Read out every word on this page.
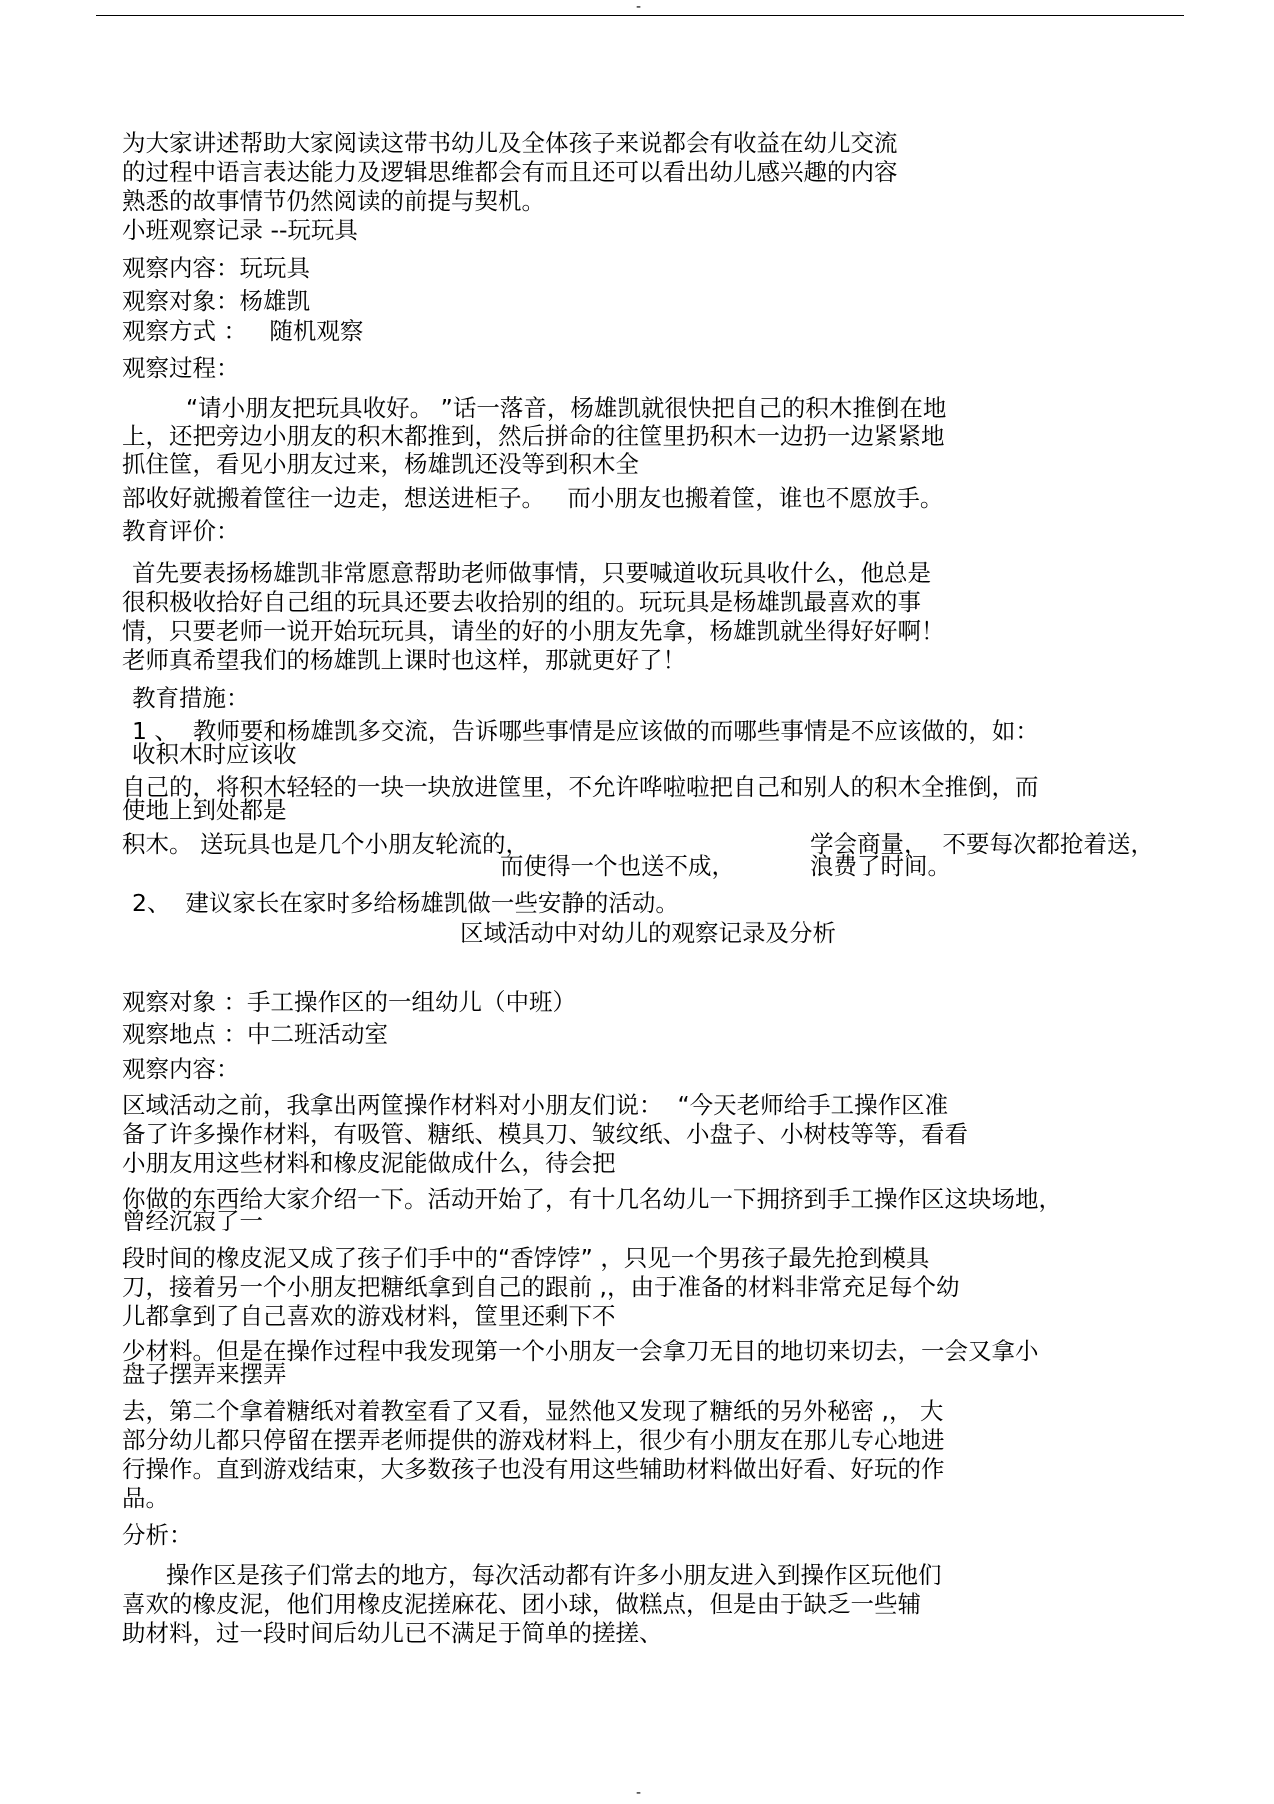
-
为大家讲述帮助大家阅读这带书幼儿及全体孩子来说都会有收益在幼儿交流
的过程中语言表达能力及逻辑思维都会有而且还可以看出幼儿感兴趣的内容
熟悉的故事情节仍然阅读的前提与契机。
小班观察记录 --玩玩具
观察内容：玩玩具
观察对象：杨雄凯
观察方式 ：   随机观察
观察过程：
“请小朋友把玩具收好。 ”话一落音，杨雄凯就很快把自己的积木推倒在地
上，还把旁边小朋友的积木都推到，然后拼命的往筐里扔积木一边扔一边紧紧地
抓住筐，看见小朋友过来，杨雄凯还没等到积木全
部收好就搬着筐往一边走，想送进柜子。   而小朋友也搬着筐，谁也不愿放手。
教育评价：
首先要表扬杨雄凯非常愿意帮助老师做事情，只要喊道收玩具收什么，他总是
很积极收拾好自己组的玩具还要去收拾别的组的。玩玩具是杨雄凯最喜欢的事
情，只要老师一说开始玩玩具，请坐的好的小朋友先拿，杨雄凯就坐得好好啊！
老师真希望我们的杨雄凯上课时也这样，那就更好了！
教育措施：
1 、  教师要和杨雄凯多交流，告诉哪些事情是应该做的而哪些事情是不应该做的，如：
收积木时应该收
自己的，将积木轻轻的一块一块放进筐里，不允许哗啦啦把自己和别人的积木全推倒，而
使地上到处都是
积木。 送玩具也是几个小朋友轮流的，	学会商量，  不要每次都抢着送，
而使得一个也送不成，	浪费了时间。
2、  建议家长在家时多给杨雄凯做一些安静的活动。
区域活动中对幼儿的观察记录及分析
观察对象 ：手工操作区的一组幼儿（中班）
观察地点 ：中二班活动室
观察内容：
区域活动之前，我拿出两筐操作材料对小朋友们说：  “今天老师给手工操作区准
备了许多操作材料，有吸管、糖纸、模具刀、皱纹纸、小盘子、小树枝等等，看看
小朋友用这些材料和橡皮泥能做成什么，待会把
你做的东西给大家介绍一下。活动开始了，有十几名幼儿一下拥挤到手工操作区这块场地，
曾经沉寂了一
段时间的橡皮泥又成了孩子们手中的“香饽饽” ，只见一个男孩子最先抢到模具
刀，接着另一个小朋友把糖纸拿到自己的跟前 ,，由于准备的材料非常充足每个幼
儿都拿到了自己喜欢的游戏材料，筐里还剩下不
少材料。但是在操作过程中我发现第一个小朋友一会拿刀无目的地切来切去，一会又拿小
盘子摆弄来摆弄
去，第二个拿着糖纸对着教室看了又看，显然他又发现了糖纸的另外秘密 ,， 大
部分幼儿都只停留在摆弄老师提供的游戏材料上，很少有小朋友在那儿专心地进
行操作。直到游戏结束，大多数孩子也没有用这些辅助材料做出好看、好玩的作
品。
分析：
操作区是孩子们常去的地方，每次活动都有许多小朋友进入到操作区玩他们
喜欢的橡皮泥，他们用橡皮泥搓麻花、团小球，做糕点，但是由于缺乏一些辅
助材料，过一段时间后幼儿已不满足于简单的搓搓、
-
